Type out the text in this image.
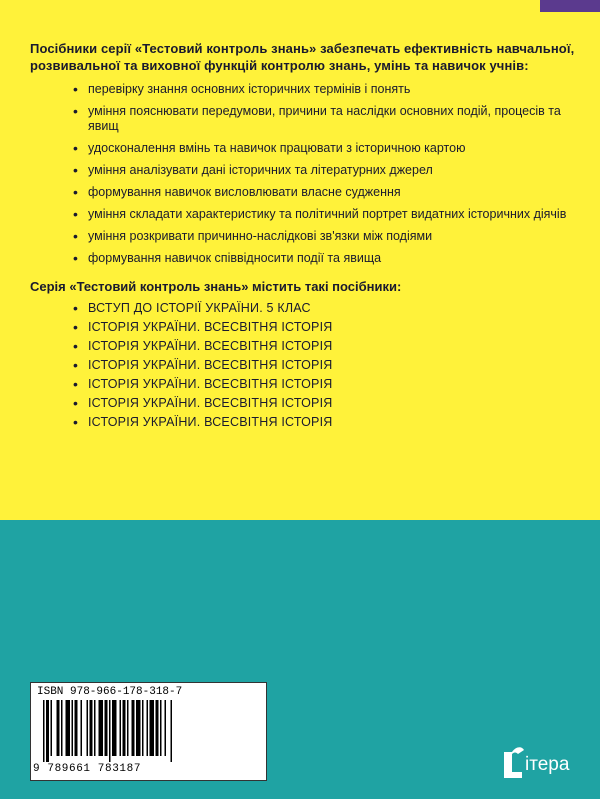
Посібники серії «Тестовий контроль знань» забезпечать ефективність навчальної, розвивальної та виховної функцій контролю знань, умінь та навичок учнів:

• перевірку знання основних історичних термінів і понять
• уміння пояснювати передумови, причини та наслідки основних подій, процесів та явищ
• удосконалення вмінь та навичок працювати з історичною картою
• уміння аналізувати дані історичних та літературних джерел
• формування навичок висловлювати власне судження
• уміння складати характеристику та політичний портрет видатних історичних діячів
• уміння розкривати причинно-наслідкові зв'язки між подіями
• формування навичок співвідносити події та явища

Серія «Тестовий контроль знань» містить такі посібники:

• ВСТУП ДО ІСТОРІЇ УКРАЇНИ. 5 КЛАС
• ІСТОРІЯ УКРАЇНИ. ВСЕСВІТНЯ ІСТОРІЯ
• ІСТОРІЯ УКРАЇНИ. ВСЕСВІТНЯ ІСТОРІЯ
• ІСТОРІЯ УКРАЇНИ. ВСЕСВІТНЯ ІСТОРІЯ
• ІСТОРІЯ УКРАЇНИ. ВСЕСВІТНЯ ІСТОРІЯ
• ІСТОРІЯ УКРАЇНИ. ВСЕСВІТНЯ ІСТОРІЯ
• ІСТОРІЯ УКРАЇНИ. ВСЕСВІТНЯ ІСТОРІЯ
ISBN 978-966-178-318-7
9 789661 783187	ітера
